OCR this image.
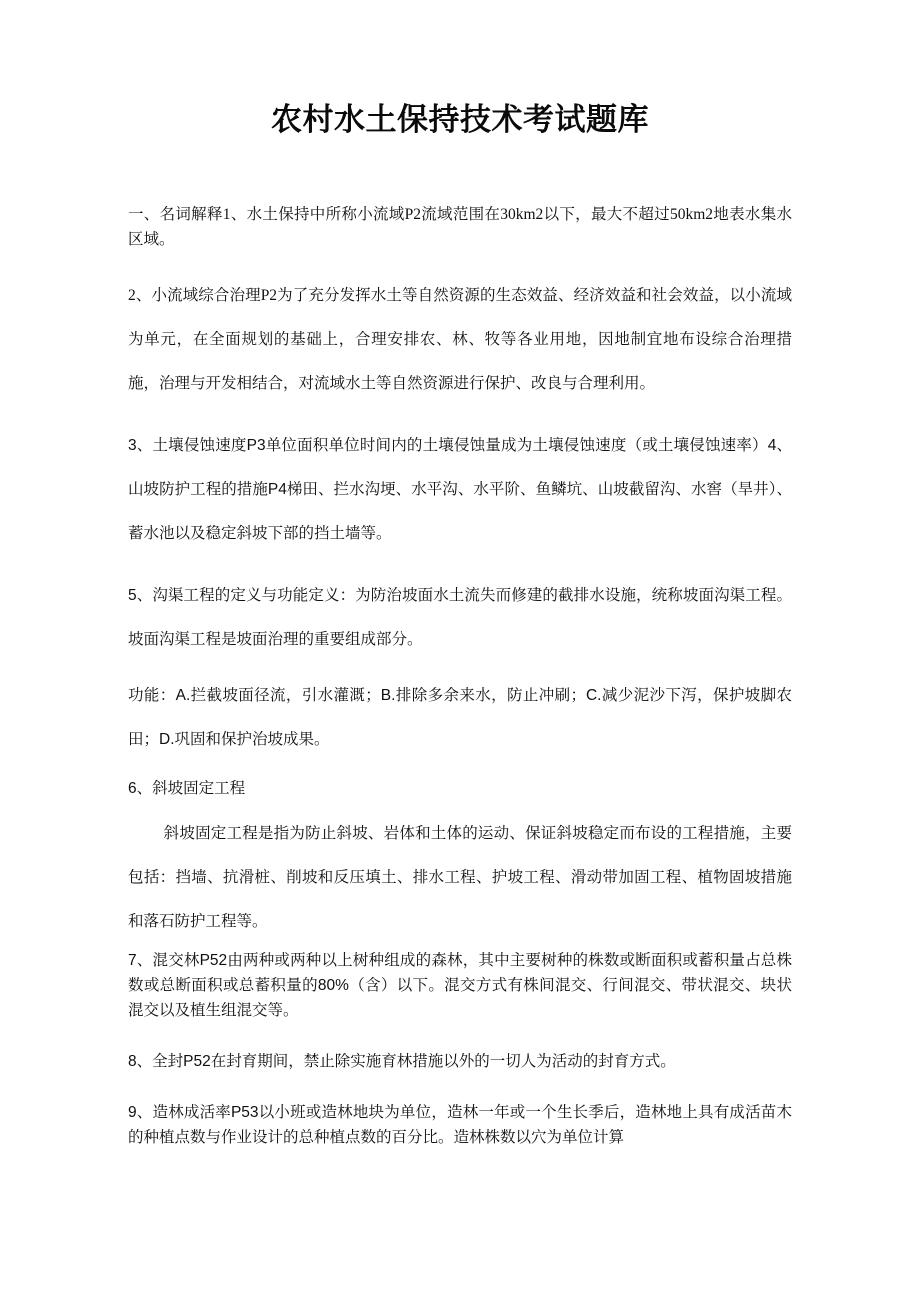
农村水土保持技术考试题库

一、名词解释1、水土保持中所称小流域P2流域范围在30km2以下，最大不超过50km2地表水集水区域。

2、小流域综合治理P2为了充分发挥水土等自然资源的生态效益、经济效益和社会效益，以小流域为单元，在全面规划的基础上，合理安排农、林、牧等各业用地，因地制宜地布设综合治理措施，治理与开发相结合，对流域水土等自然资源进行保护、改良与合理利用。

3、土壤侵蚀速度P3单位面积单位时间内的土壤侵蚀量成为土壤侵蚀速度（或土壤侵蚀速率）4、山坡防护工程的措施P4梯田、拦水沟埂、水平沟、水平阶、鱼鳞坑、山坡截留沟、水窖（旱井）、蓄水池以及稳定斜坡下部的挡土墙等。

5、沟渠工程的定义与功能定义：为防治坡面水土流失而修建的截排水设施，统称坡面沟渠工程。坡面沟渠工程是坡面治理的重要组成部分。

功能：A.拦截坡面径流，引水灌溉；B.排除多余来水，防止冲刷；C.减少泥沙下泻，保护坡脚农田；D.巩固和保护治坡成果。

6、斜坡固定工程

斜坡固定工程是指为防止斜坡、岩体和土体的运动、保证斜坡稳定而布设的工程措施，主要包括：挡墙、抗滑桩、削坡和反压填土、排水工程、护坡工程、滑动带加固工程、植物固坡措施和落石防护工程等。

7、混交林P52由两种或两种以上树种组成的森林，其中主要树种的株数或断面积或蓄积量占总株数或总断面积或总蓄积量的80%（含）以下。混交方式有株间混交、行间混交、带状混交、块状混交以及植生组混交等。

8、全封P52在封育期间，禁止除实施育林措施以外的一切人为活动的封育方式。

9、造林成活率P53以小班或造林地块为单位，造林一年或一个生长季后，造林地上具有成活苗木的种植点数与作业设计的总种植点数的百分比。造林株数以穴为单位计算
